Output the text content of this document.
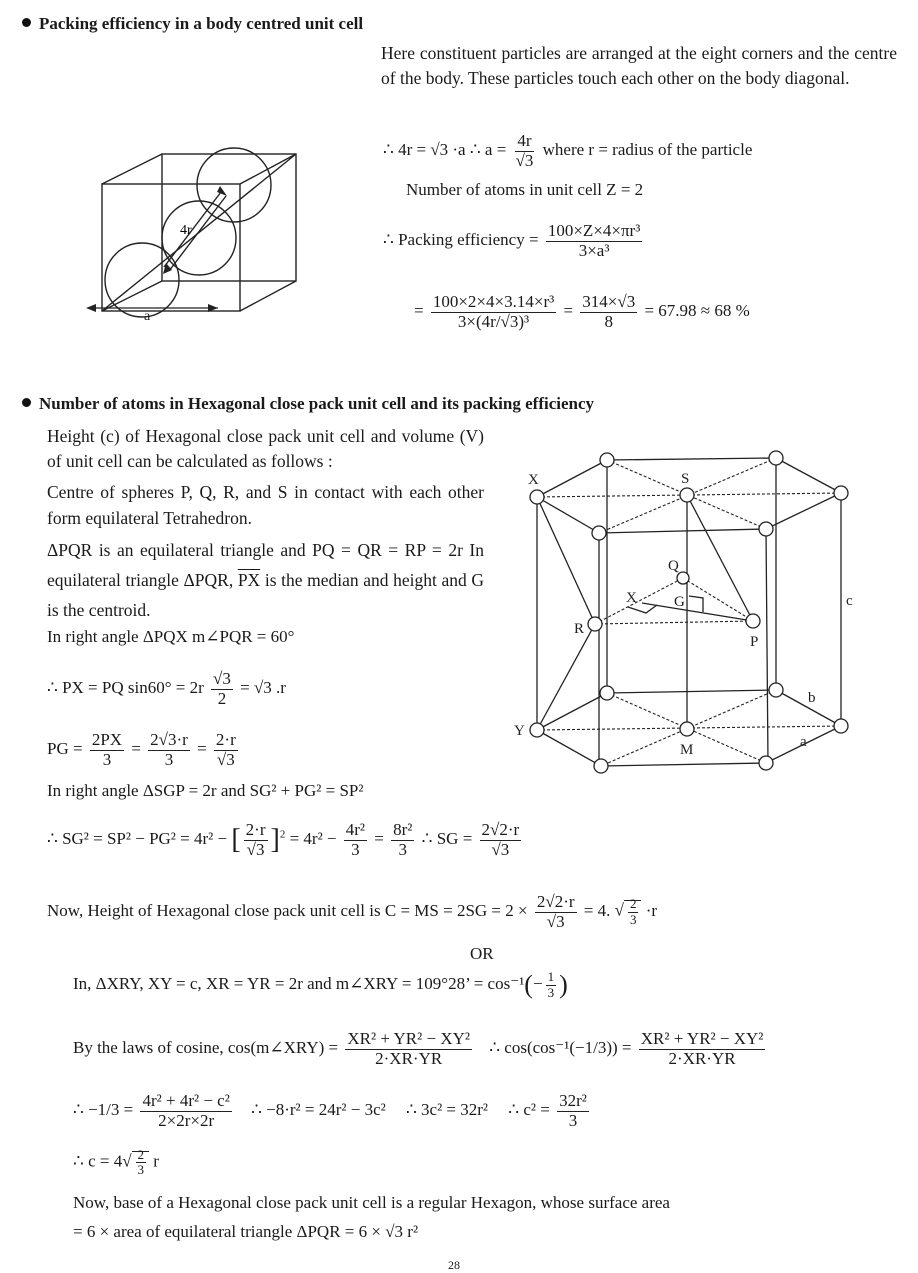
Packing efficiency in a body centred unit cell
Here constituent particles are arranged at the eight corners and the centre of the body. These particles touch each other on the body diagonal.
4r
a
∴ 4r = √3 ·a ∴ $a = \frac{4r}{√3}$ where r = radius of the particle
Number of atoms in unit cell Z = 2
∴ Packing efficiency = $\frac{\text{100×Z×4×πr³}}{\text{3×a³}}$
= $\frac{\text{100×2×4×3.14×r³}}{\text{3×(4r/√3)³}} = \frac{314\times√3}{8} = 67.98 \approx 68$ %
Number of atoms in Hexagonal close pack unit cell and its packing efficiency
Height (c) of Hexagonal close pack unit cell and volume (V) of unit cell can be calculated as follows :
Centre of spheres P, Q, R, and S in contact with each other form equilateral Tetrahedron.
ΔPQR is an equilateral triangle and PQ = QR = RP = 2r In equilateral triangle ΔPQR, $\overline{PX}$ is the median and height and G is the centroid.
In right angle ΔPQX m∠PQR = 60°
∴ PX = PQ $\sin 60^\circ = 2r \frac{√3}{2} = √3$ .r
PG = $\frac{2PX}{3} = \frac{2√3\cdot r}{3} = \frac{2\cdot r}{√3}$
In right angle ΔSGP = 2r and SG² + PG² = SP²
∴ SG² = SP² − PG² = 4r² − [ $\frac{2\cdot r}{√3} ]^2 = 4r^2 - \frac{\text{4r²}}{3} = \frac{\text{8r²}}{3}$ ∴ SG = $\frac{2√2\cdot r}{√3}$
Now, Height of Hexagonal close pack unit cell is C = MS = $2SG = 2 \times \frac{2√2\cdot r}{√3} = 4$. √ $\frac{2}{3} \cdot r$
OR
In, ΔXRY, XY = c, XR = YR = 2r and m∠XRY = 109°28’ = $\cos^{-1}(- \frac{1}{3}$ )
By the laws of cosine, cos(m∠XRY) = $\frac{\text{XR² + YR² − XY²}}{2\cdot XR\cdot YR}$ ∴ $\cos(\cos^{-1}(-1/3)) = \frac{\text{XR² + YR² − XY²}}{2\cdot XR\cdot YR}$
∴ $-1/3 = \frac{\text{4r² + 4r² − c²}}{2\times 2r\times 2r}$ ∴ −8·r² = 24r² − 3c² ∴ 3c² = 32r² ∴ $c^2 = \frac{\text{32r²}}{3}$
∴ $c = 4√ \frac{2}{3}$ r
Now, base of a Hexagonal close pack unit cell is a regular Hexagon, whose surface area
= 6 × area of equilateral triangle ΔPQR = 6 × √3 r²
28
X	S
Q
X G
R
P
Y
M
b
a
c
